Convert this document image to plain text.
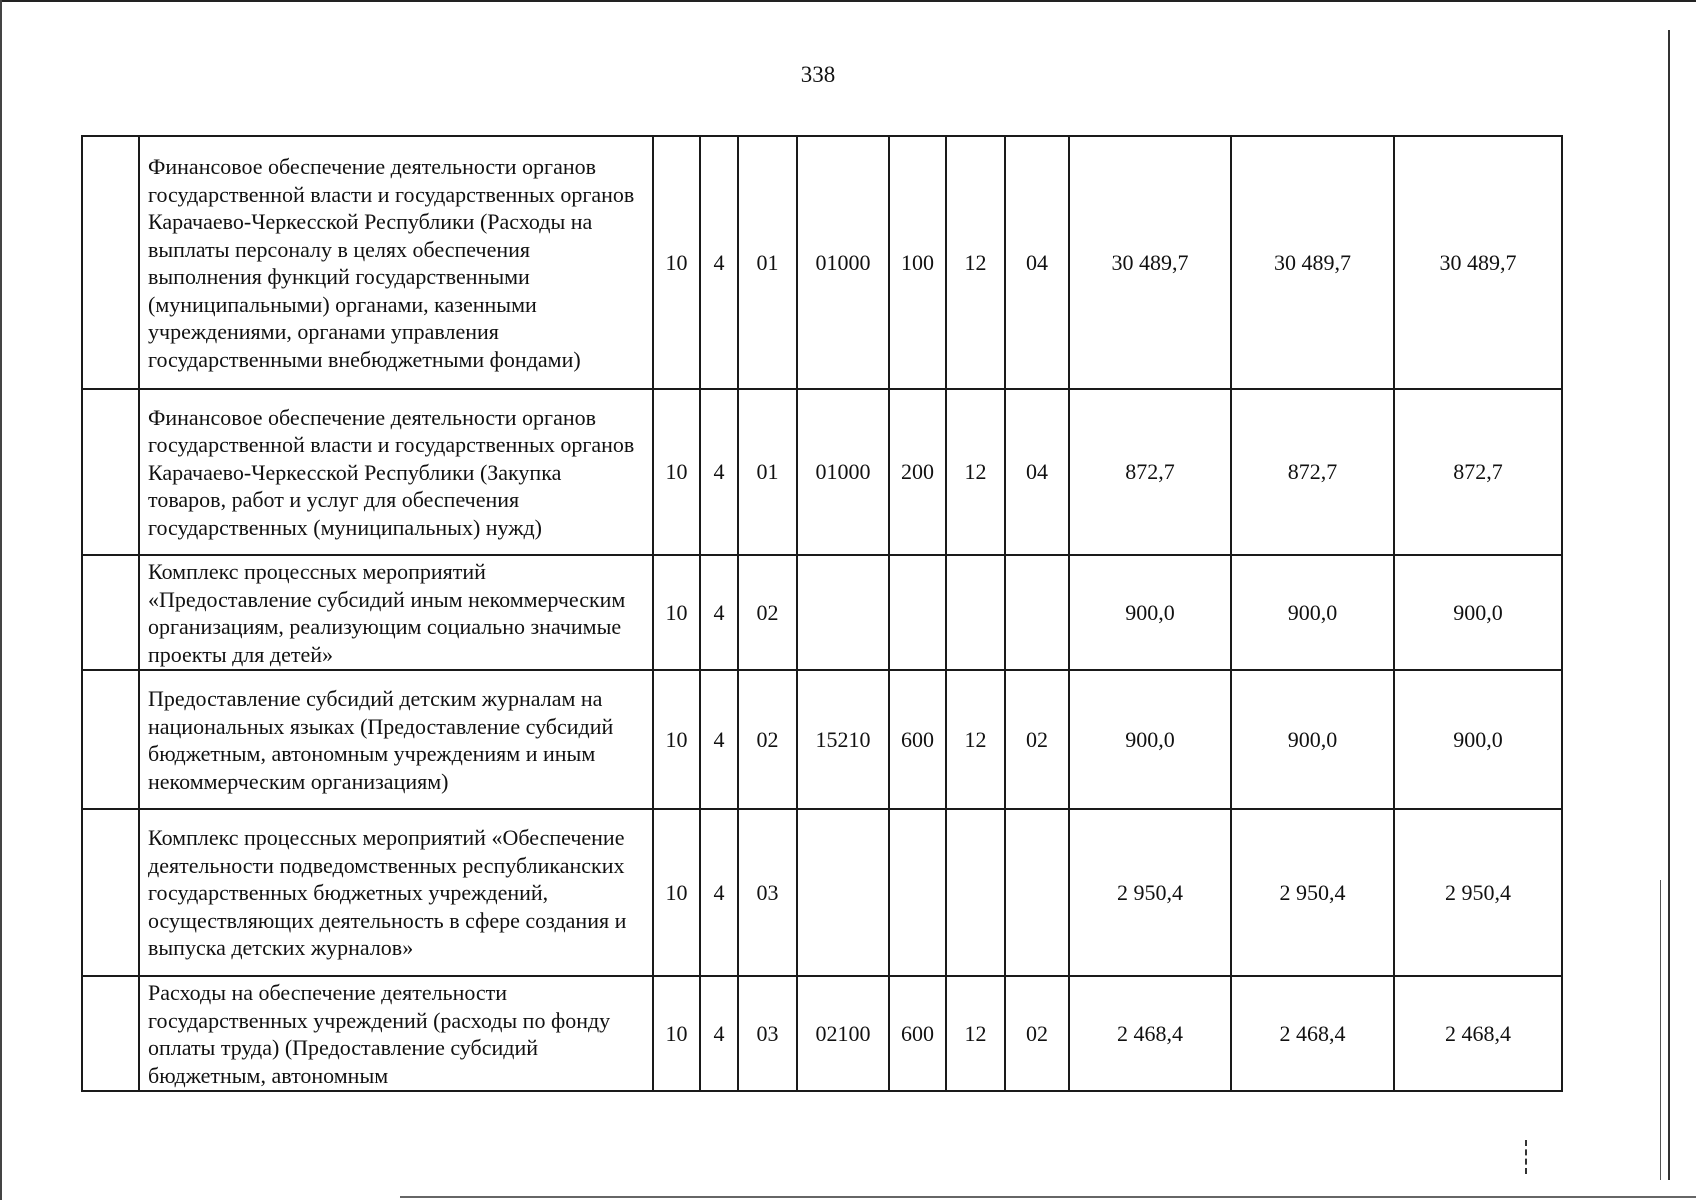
338
	Финансовое обеспечение деятельности органов государственной власти и государственных органов Карачаево-Черкесской Республики (Расходы на выплаты персоналу в целях обеспечения выполнения функций государственными (муниципальными) органами, казенными учреждениями, органами управления государственными внебюджетными фондами)	10	4	01	01000	100	12	04	30 489,7	30 489,7	30 489,7
	Финансовое обеспечение деятельности органов государственной власти и государственных органов Карачаево-Черкесской Республики (Закупка товаров, работ и услуг для обеспечения государственных (муниципальных) нужд)	10	4	01	01000	200	12	04	872,7	872,7	872,7
	Комплекс процессных мероприятий «Предоставление субсидий иным некоммерческим организациям, реализующим социально значимые проекты для детей»	10	4	02					900,0	900,0	900,0
	Предоставление субсидий детским журналам на национальных языках (Предоставление субсидий бюджетным, автономным учреждениям и иным некоммерческим организациям)	10	4	02	15210	600	12	02	900,0	900,0	900,0
	Комплекс процессных мероприятий «Обеспечение деятельности подведомственных республиканских государственных бюджетных учреждений, осуществляющих деятельность в сфере создания и выпуска детских журналов»	10	4	03					2 950,4	2 950,4	2 950,4
	Расходы на обеспечение деятельности государственных учреждений (расходы по фонду оплаты труда) (Предоставление субсидий бюджетным, автономным	10	4	03	02100	600	12	02	2 468,4	2 468,4	2 468,4
